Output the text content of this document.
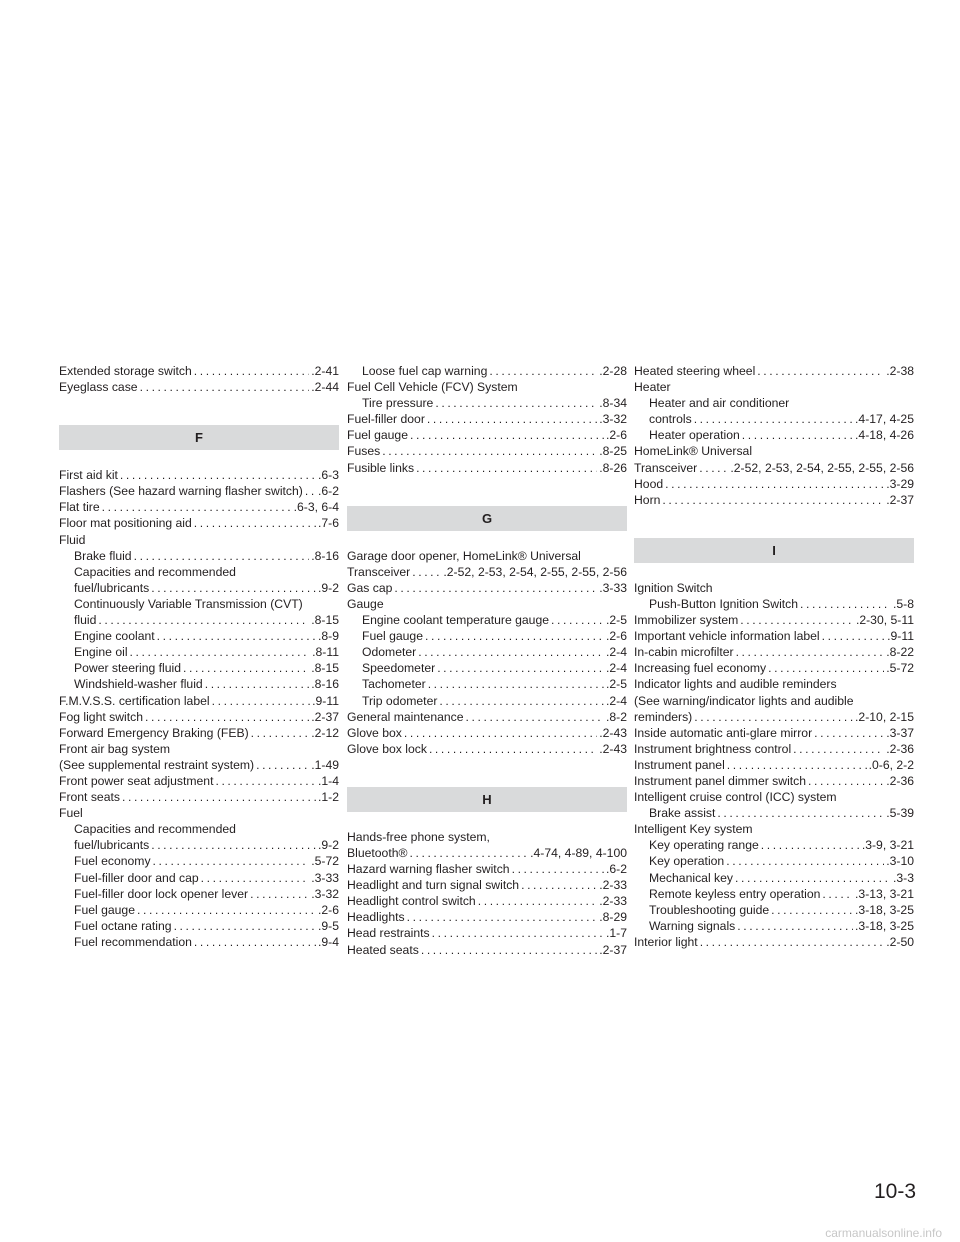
Extended storage switch .....	.2-41
Eyeglass case .....	.2-44
F
First aid kit .....	.6-3
Flashers (See hazard warning flasher switch) ..... .6-2
Flat tire .....	.6-3, 6-4
Floor mat positioning aid .....	.7-6
Fluid
Brake fluid .....	.8-16
Capacities and recommended
fuel/lubricants .....	.9-2
Continuously Variable Transmission (CVT)
fluid .....	.8-15
Engine coolant .....	.8-9
Engine oil .....	.8-11
Power steering fluid .....	.8-15
Windshield-washer fluid .....	.8-16
F.M.V.S.S. certification label .....	.9-11
Fog light switch .....	.2-37
Forward Emergency Braking (FEB) .....	.2-12
Front air bag system
(See supplemental restraint system) .....	.1-49
Front power seat adjustment .....	.1-4
Front seats .....	.1-2
Fuel
Capacities and recommended
fuel/lubricants .....	.9-2
Fuel economy .....	.5-72
Fuel-filler door and cap .....	.3-33
Fuel-filler door lock opener lever .....	.3-32
Fuel gauge .....	.2-6
Fuel octane rating .....	.9-5
Fuel recommendation .....	.9-4
Loose fuel cap warning .....	.2-28
Fuel Cell Vehicle (FCV) System
Tire pressure .....	.8-34
Fuel-filler door .....	.3-32
Fuel gauge .....	.2-6
Fuses .....	.8-25
Fusible links .....	.8-26
G
Garage door opener, HomeLink® Universal
Transceiver .....	.2-52, 2-53, 2-54, 2-55, 2-55, 2-56
Gas cap .....	.3-33
Gauge
Engine coolant temperature gauge .....	.2-5
Fuel gauge .....	.2-6
Odometer .....	.2-4
Speedometer .....	.2-4
Tachometer .....	.2-5
Trip odometer .....	.2-4
General maintenance .....	.8-2
Glove box .....	.2-43
Glove box lock .....	.2-43
H
Hands-free phone system,
Bluetooth® .....	.4-74, 4-89, 4-100
Hazard warning flasher switch .....	.6-2
Headlight and turn signal switch .....	.2-33
Headlight control switch .....	.2-33
Headlights .....	.8-29
Head restraints .....	.1-7
Heated seats .....	.2-37
Heated steering wheel .....	.2-38
Heater
Heater and air conditioner
controls .....	.4-17, 4-25
Heater operation .....	.4-18, 4-26
HomeLink® Universal
Transceiver .....	.2-52, 2-53, 2-54, 2-55, 2-55, 2-56
Hood .....	.3-29
Horn .....	.2-37
I
Ignition Switch
Push-Button Ignition Switch .....	.5-8
Immobilizer system .....	.2-30, 5-11
Important vehicle information label .....	.9-11
In-cabin microfilter .....	.8-22
Increasing fuel economy .....	.5-72
Indicator lights and audible reminders
(See warning/indicator lights and audible
reminders) .....	.2-10, 2-15
Inside automatic anti-glare mirror .....	.3-37
Instrument brightness control .....	.2-36
Instrument panel .....	.0-6, 2-2
Instrument panel dimmer switch .....	.2-36
Intelligent cruise control (ICC) system
Brake assist .....	.5-39
Intelligent Key system
Key operating range .....	.3-9, 3-21
Key operation .....	.3-10
Mechanical key .....	.3-3
Remote keyless entry operation .....	.3-13, 3-21
Troubleshooting guide .....	.3-18, 3-25
Warning signals .....	.3-18, 3-25
Interior light .....	.2-50
10-3
carmanualsonline.info
